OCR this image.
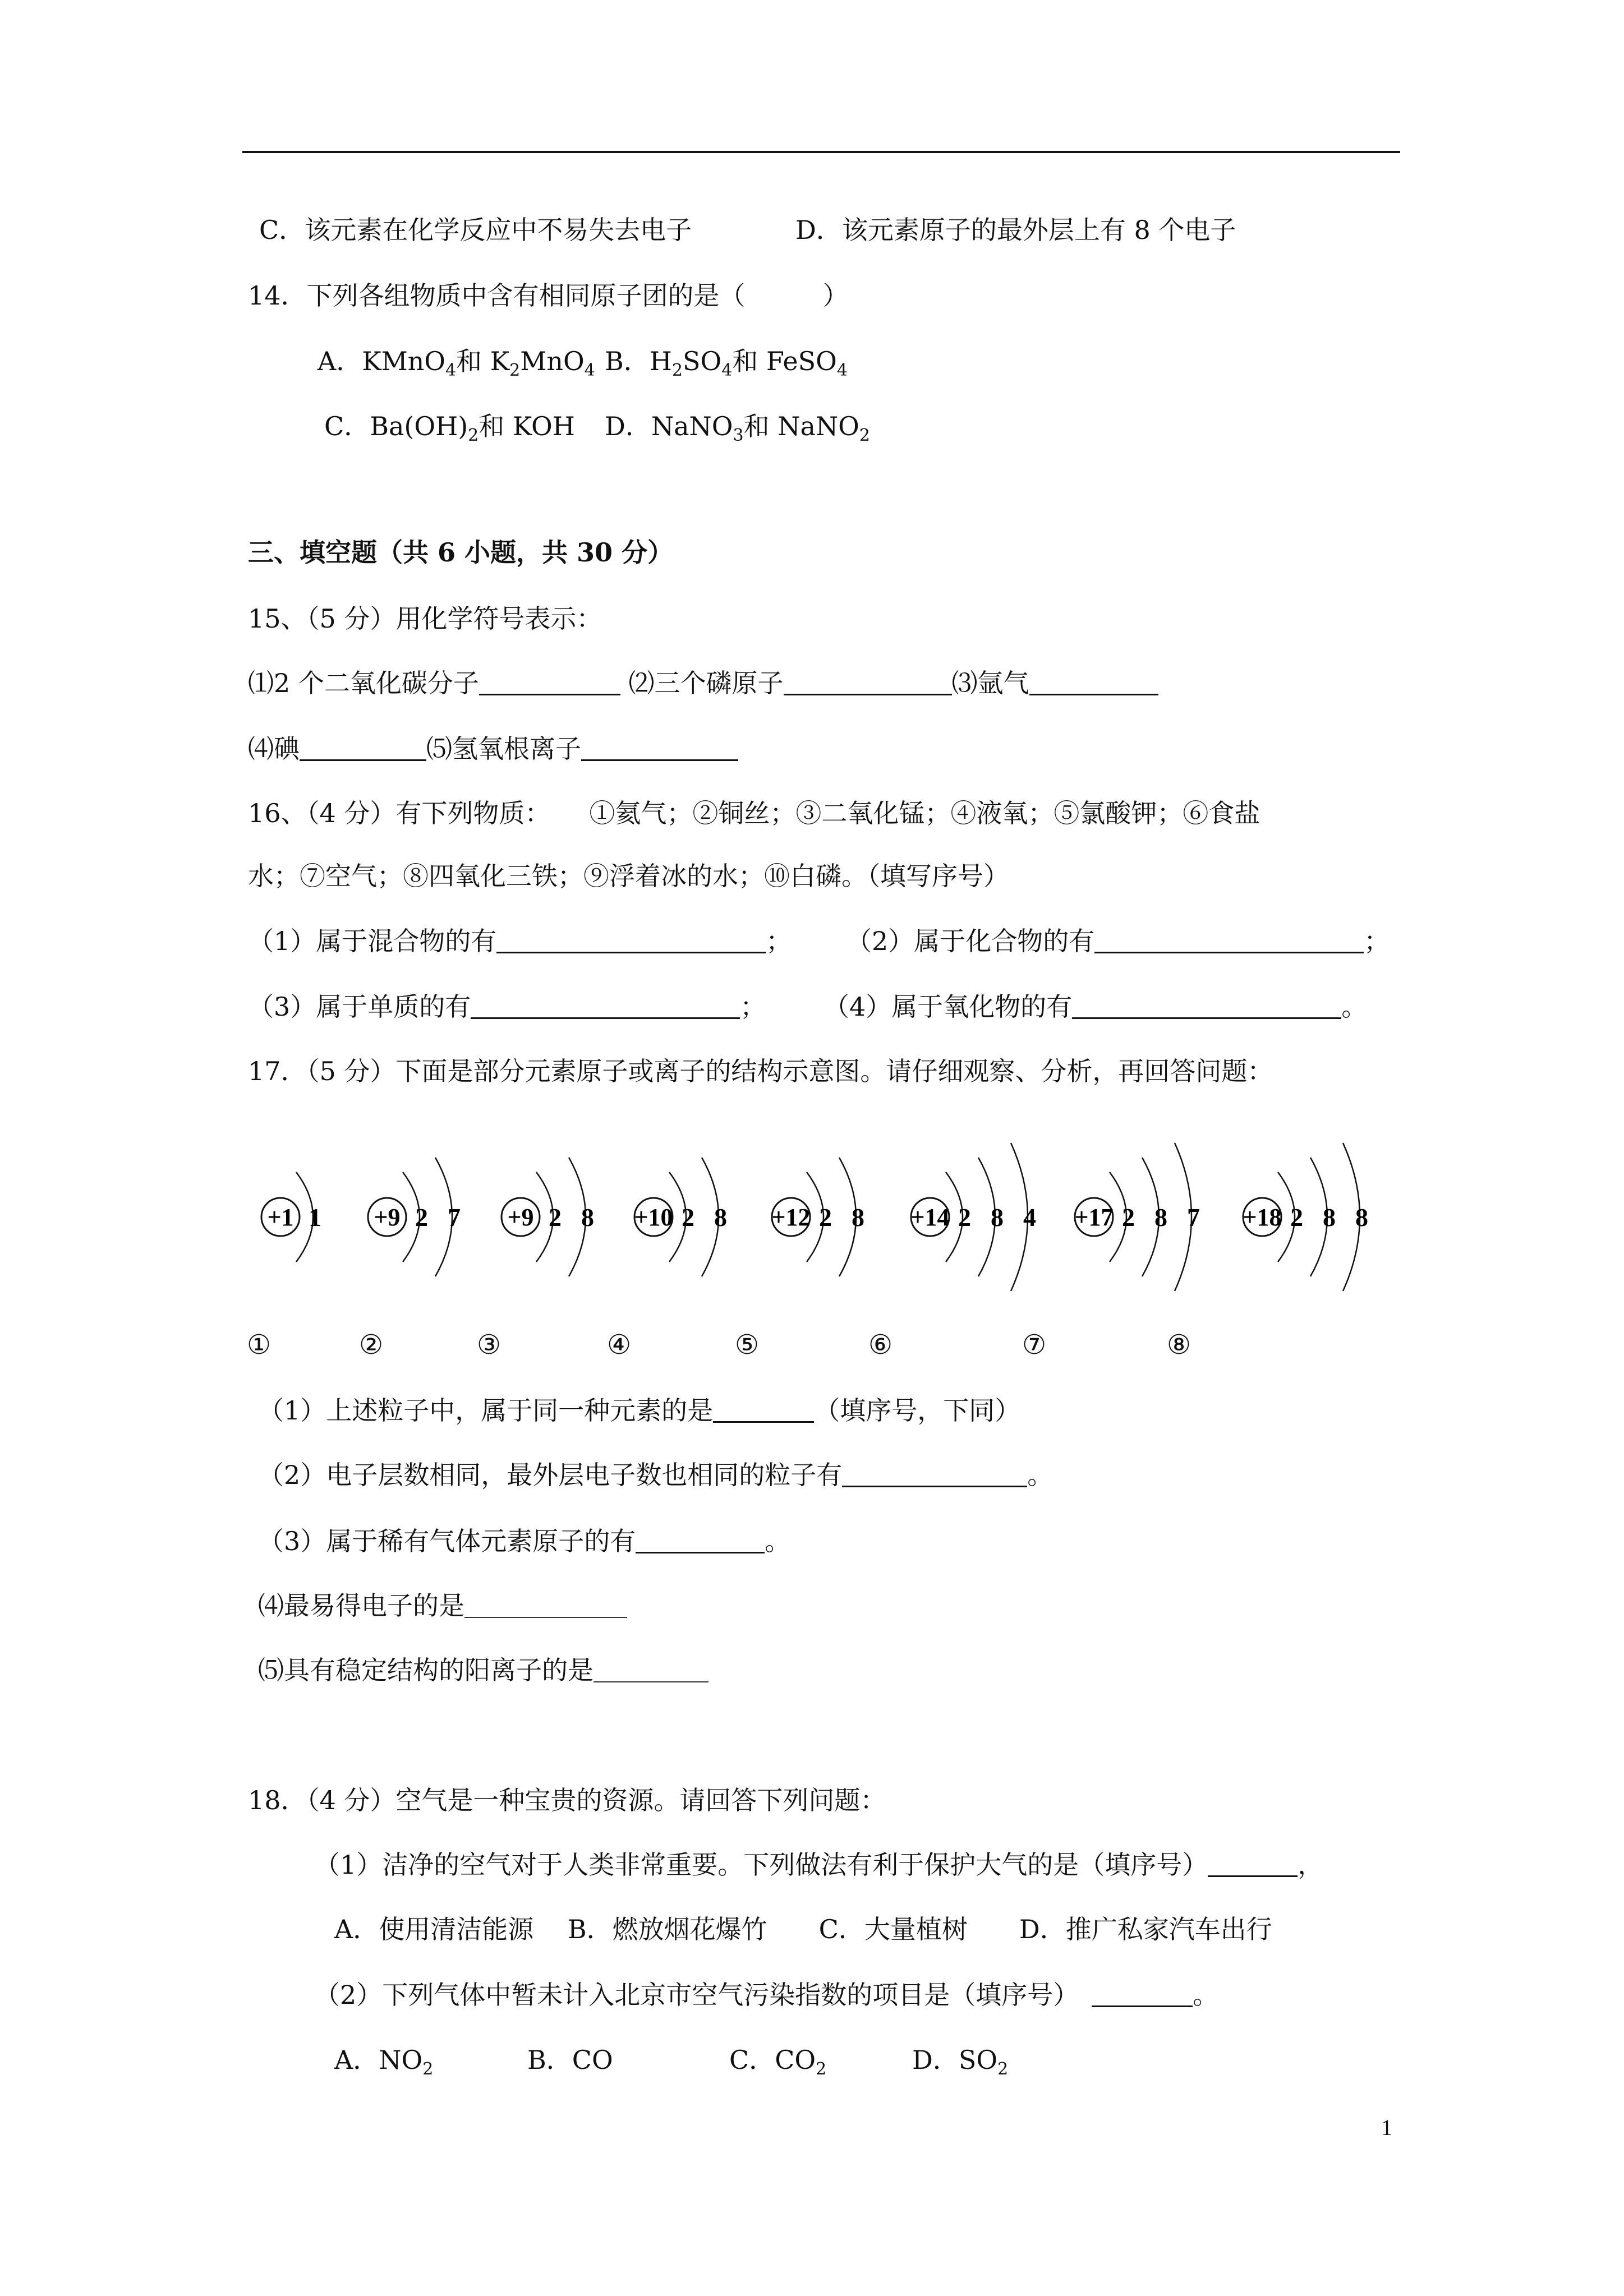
C．该元素在化学反应中不易失去电子	D．该元素原子的最外层上有 8 个电子
14．下列各组物质中含有相同原子团的是（　　　）
A．KMnO$_4$和 $K_2MnO_4$ B．$H_2SO_4$和 FeSO$_4$
C．$Ba(OH)_2$和 KOH D．NaNO$_3$和 NaNO$_2$
三、填空题（共 6 小题，共 30 分）
15、（5 分）用化学符号表示：
⑴2 个二氧化碳分子	⑵三个磷原子	⑶氩气
⑷碘	⑸氢氧根离子
16、（4 分）有下列物质：　　①氦气；②铜丝；③二氧化锰；④液氧；⑤氯酸钾；⑥食盐
水；⑦空气；⑧四氧化三铁；⑨浮着冰的水；⑩白磷。（填写序号）
（1）属于混合物的有	； （2）属于化合物的有	；
（3）属于单质的有	； （4）属于氧化物的有	。
17．（5 分）下面是部分元素原子或离子的结构示意图。请仔细观察、分析，再回答问题：
+1 1 +9 2 7 +9 2 8 +10 2 8 +12 2 8 +14 2 8 4 +17 2 8 7 +18 2 8 8
①	②	③	④	⑤	⑥	⑦	⑧
（1）上述粒子中，属于同一种元素的是	（填序号，下同）
（2）电子层数相同，最外层电子数也相同的粒子有	。
（3）属于稀有气体元素原子的有	。
⑷最易得电子的是
⑸具有稳定结构的阳离子的是
18．（4 分）空气是一种宝贵的资源。请回答下列问题：
（1）洁净的空气对于人类非常重要。下列做法有利于保护大气的是（填序号）	，
A．使用清洁能源　 B．燃放烟花爆竹　　C．大量植树　　D．推广私家汽车出行
（2）下列气体中暂未计入北京市空气污染指数的项目是（填序号）　	。
A．$NO_2$	B．CO	C．$CO_2$	D．$SO_2$
1
